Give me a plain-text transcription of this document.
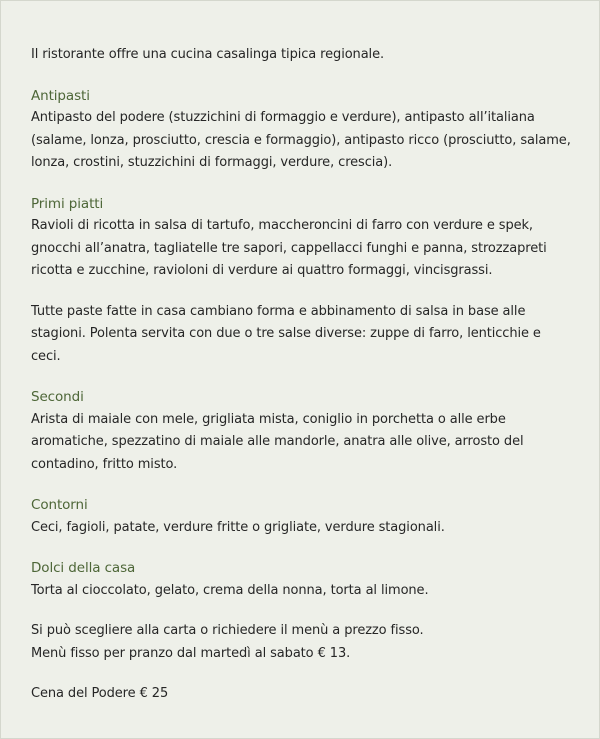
Il ristorante offre una cucina casalinga tipica regionale.

Antipasti

Antipasto del podere (stuzzichini di formaggio e verdure), antipasto all’italiana (salame, lonza, prosciutto, crescia e formaggio), antipasto ricco (prosciutto, salame, lonza, crostini, stuzzichini di formaggi, verdure, crescia).

Primi piatti

Ravioli di ricotta in salsa di tartufo, maccheroncini di farro con verdure e spek, gnocchi all’anatra, tagliatelle tre sapori, cappellacci funghi e panna, strozzapreti ricotta e zucchine, ravioloni di verdure ai quattro formaggi, vincisgrassi.

Tutte paste fatte in casa cambiano forma e abbinamento di salsa in base alle stagioni. Polenta servita con due o tre salse diverse: zuppe di farro, lenticchie e ceci.

Secondi

Arista di maiale con mele, grigliata mista, coniglio in porchetta o alle erbe aromatiche, spezzatino di maiale alle mandorle, anatra alle olive, arrosto del contadino, fritto misto.

Contorni

Ceci, fagioli, patate, verdure fritte o grigliate, verdure stagionali.

Dolci della casa

Torta al cioccolato, gelato, crema della nonna, torta al limone.

Si può scegliere alla carta o richiedere il menù a prezzo fisso.

Menù fisso per pranzo dal martedì al sabato € 13.

Cena del Podere € 25
